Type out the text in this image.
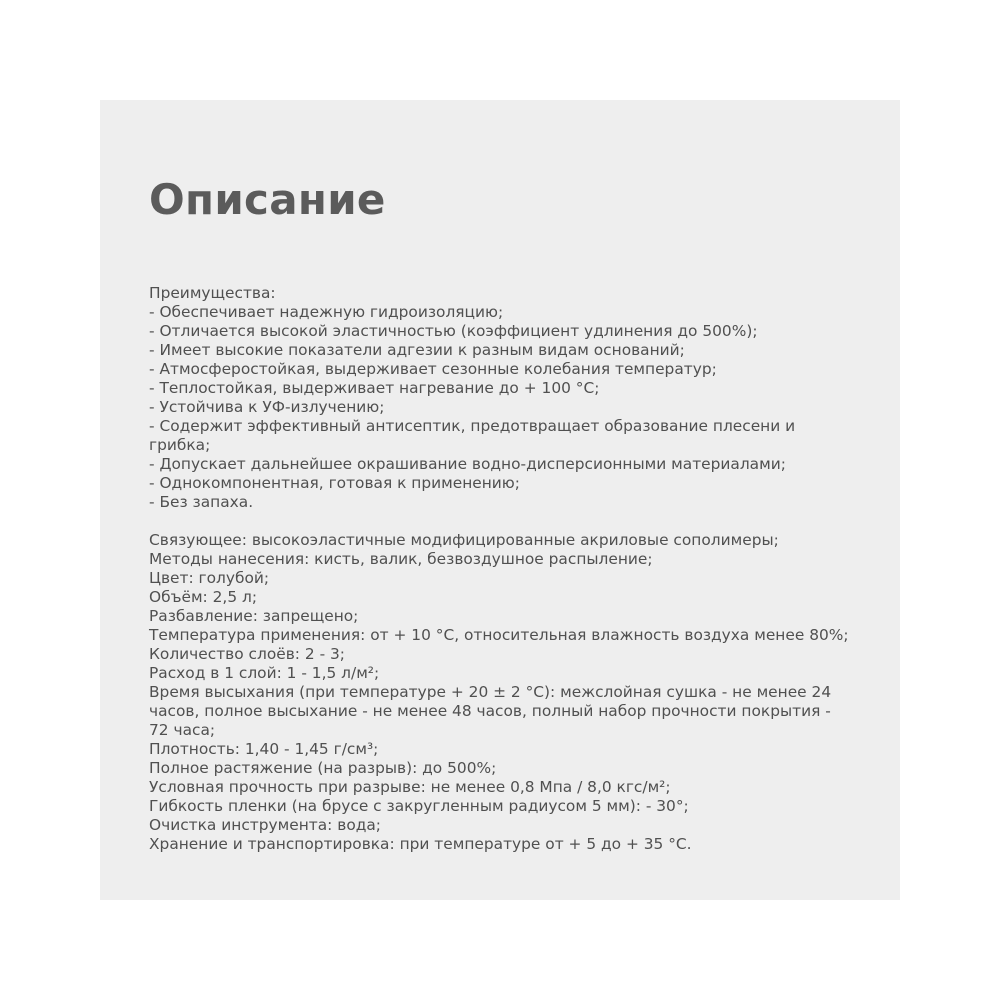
Описание
Преимущества:
- Обеспечивает надежную гидроизоляцию;
- Отличается высокой эластичностью (коэффициент удлинения до 500%);
- Имеет высокие показатели адгезии к разным видам оснований;
- Атмосферостойкая, выдерживает сезонные колебания температур;
- Теплостойкая, выдерживает нагревание до + 100 °С;
- Устойчива к УФ-излучению;
- Содержит эффективный антисептик, предотвращает образование плесени и
грибка;
- Допускает дальнейшее окрашивание водно-дисперсионными материалами;
- Однокомпонентная, готовая к применению;
- Без запаха.
Связующее: высокоэластичные модифицированные акриловые сополимеры;
Методы нанесения: кисть, валик, безвоздушное распыление;
Цвет: голубой;
Объём: 2,5 л;
Разбавление: запрещено;
Температура применения: от + 10 °С, относительная влажность воздуха менее 80%;
Количество слоёв: 2 - 3;
Расход в 1 слой: 1 - 1,5 л/м²;
Время высыхания (при температуре + 20 ± 2 °С): межслойная сушка - не менее 24
часов, полное высыхание - не менее 48 часов, полный набор прочности покрытия -
72 часа;
Плотность: 1,40 - 1,45 г/см³;
Полное растяжение (на разрыв): до 500%;
Условная прочность при разрыве: не менее 0,8 Мпа / 8,0 кгс/м²;
Гибкость пленки (на брусе с закругленным радиусом 5 мм): - 30°;
Очистка инструмента: вода;
Хранение и транспортировка: при температуре от + 5 до + 35 °С.
